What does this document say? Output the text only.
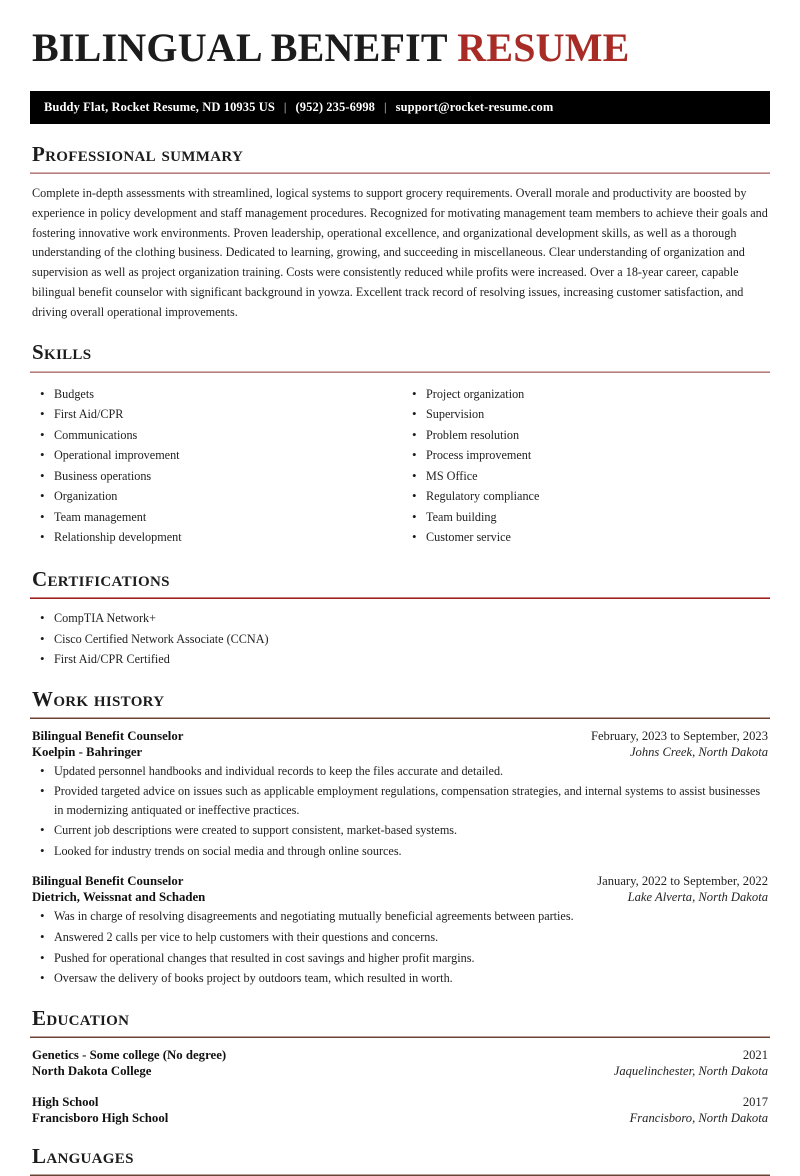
BILINGUAL BENEFIT RESUME
Buddy Flat, Rocket Resume, ND 10935 US | (952) 235-6998 | support@rocket-resume.com
Professional summary

Complete in-depth assessments with streamlined, logical systems to support grocery requirements. Overall morale and productivity are boosted by experience in policy development and staff management procedures. Recognized for motivating management team members to achieve their goals and fostering innovative work environments. Proven leadership, operational excellence, and organizational development skills, as well as a thorough understanding of the clothing business. Dedicated to learning, growing, and succeeding in miscellaneous. Clear understanding of organization and supervision as well as project organization training. Costs were consistently reduced while profits were increased. Over a 18-year career, capable bilingual benefit counselor with significant background in yowza. Excellent track record of resolving issues, increasing customer satisfaction, and driving overall operational improvements.

Skills
• Budgets
• First Aid/CPR
• Communications
• Operational improvement
• Business operations
• Organization
• Team management
• Relationship development
• Project organization
• Supervision
• Problem resolution
• Process improvement
• MS Office
• Regulatory compliance
• Team building
• Customer service
Certifications
• CompTIA Network+
• Cisco Certified Network Associate (CCNA)
• First Aid/CPR Certified
Work history
Bilingual Benefit Counselor	February, 2023 to September, 2023
Koelpin - Bahringer	Johns Creek, North Dakota
• Updated personnel handbooks and individual records to keep the files accurate and detailed.
• Provided targeted advice on issues such as applicable employment regulations, compensation strategies, and internal systems to assist businesses in modernizing antiquated or ineffective practices.
• Current job descriptions were created to support consistent, market-based systems.
• Looked for industry trends on social media and through online sources.
Bilingual Benefit Counselor	January, 2022 to September, 2022
Dietrich, Weissnat and Schaden	Lake Alverta, North Dakota
• Was in charge of resolving disagreements and negotiating mutually beneficial agreements between parties.
• Answered 2 calls per vice to help customers with their questions and concerns.
• Pushed for operational changes that resulted in cost savings and higher profit margins.
• Oversaw the delivery of books project by outdoors team, which resulted in worth.
Education
Genetics - Some college (No degree)	2021
North Dakota College	Jaquelinchester, North Dakota
High School	2017
Francisboro High School	Francisboro, North Dakota
Languages
